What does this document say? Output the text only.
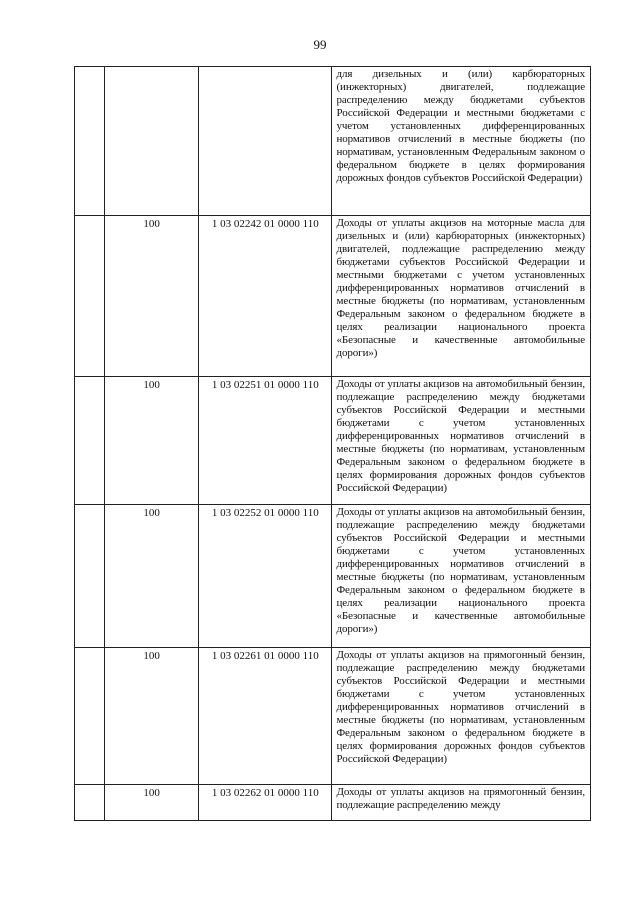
99
			для дизельных и (или) карбюраторных (инжекторных) двигателей, подлежащие распределению между бюджетами субъектов Российской Федерации и местными бюджетами с учетом установленных дифференцированных нормативов отчислений в местные бюджеты (по нормативам, установленным Федеральным законом о федеральном бюджете в целях формирования дорожных фондов субъектов Российской Федерации)
	100	1 03 02242 01 0000 110	Доходы от уплаты акцизов на моторные масла для дизельных и (или) карбюраторных (инжекторных) двигателей, подлежащие распределению между бюджетами субъектов Российской Федерации и местными бюджетами с учетом установленных дифференцированных нормативов отчислений в местные бюджеты (по нормативам, установленным Федеральным законом о федеральном бюджете в целях реализации национального проекта «Безопасные и качественные автомобильные дороги»)
	100	1 03 02251 01 0000 110	Доходы от уплаты акцизов на автомобильный бензин, подлежащие распределению между бюджетами субъектов Российской Федерации и местными бюджетами с учетом установленных дифференцированных нормативов отчислений в местные бюджеты (по нормативам, установленным Федеральным законом о федеральном бюджете в целях формирования дорожных фондов субъектов Российской Федерации)
	100	1 03 02252 01 0000 110	Доходы от уплаты акцизов на автомобильный бензин, подлежащие распределению между бюджетами субъектов Российской Федерации и местными бюджетами с учетом установленных дифференцированных нормативов отчислений в местные бюджеты (по нормативам, установленным Федеральным законом о федеральном бюджете в целях реализации национального проекта «Безопасные и качественные автомобильные дороги»)
	100	1 03 02261 01 0000 110	Доходы от уплаты акцизов на прямогонный бензин, подлежащие распределению между бюджетами субъектов Российской Федерации и местными бюджетами с учетом установленных дифференцированных нормативов отчислений в местные бюджеты (по нормативам, установленным Федеральным законом о федеральном бюджете в целях формирования дорожных фондов субъектов Российской Федерации)
	100	1 03 02262 01 0000 110	Доходы от уплаты акцизов на прямогонный бензин, подлежащие распределению между
